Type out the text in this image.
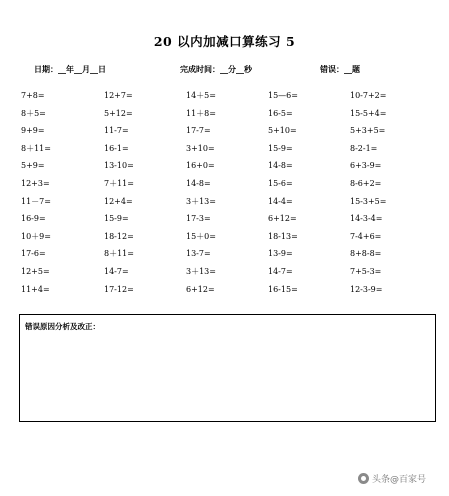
20 以内加减口算练习 5
日期：__年__月__日	完成时间：__分__秒	错误：__题
7+8=
8＋5=
9+9=
8＋11=
5+9=
12+3=
11－7=
16-9=
10＋9=
17-6=
12+5=
11+4=
12+7=
5+12=
11-7=
16-1=
13-10=
7＋11=
12+4=
15-9=
18-12=
8＋11=
14-7=
17-12=
14＋5=
11＋8=
17-7=
3+10=
16+0=
14-8=
3＋13=
17-3=
15＋0=
13-7=
3＋13=
6+12=
15—6=
16-5=
5+10=
15-9=
14-8=
15-6=
14-4=
6+12=
18-13=
13-9=
14-7=
16-15=
10-7+2=
15-5+4=
5+3+5=
8-2-1=
6+3-9=
8-6+2=
15-3+5=
14-3-4=
7-4+6=
8+8-8=
7+5-3=
12-3-9=
错误原因分析及改正：
头条@百家号
